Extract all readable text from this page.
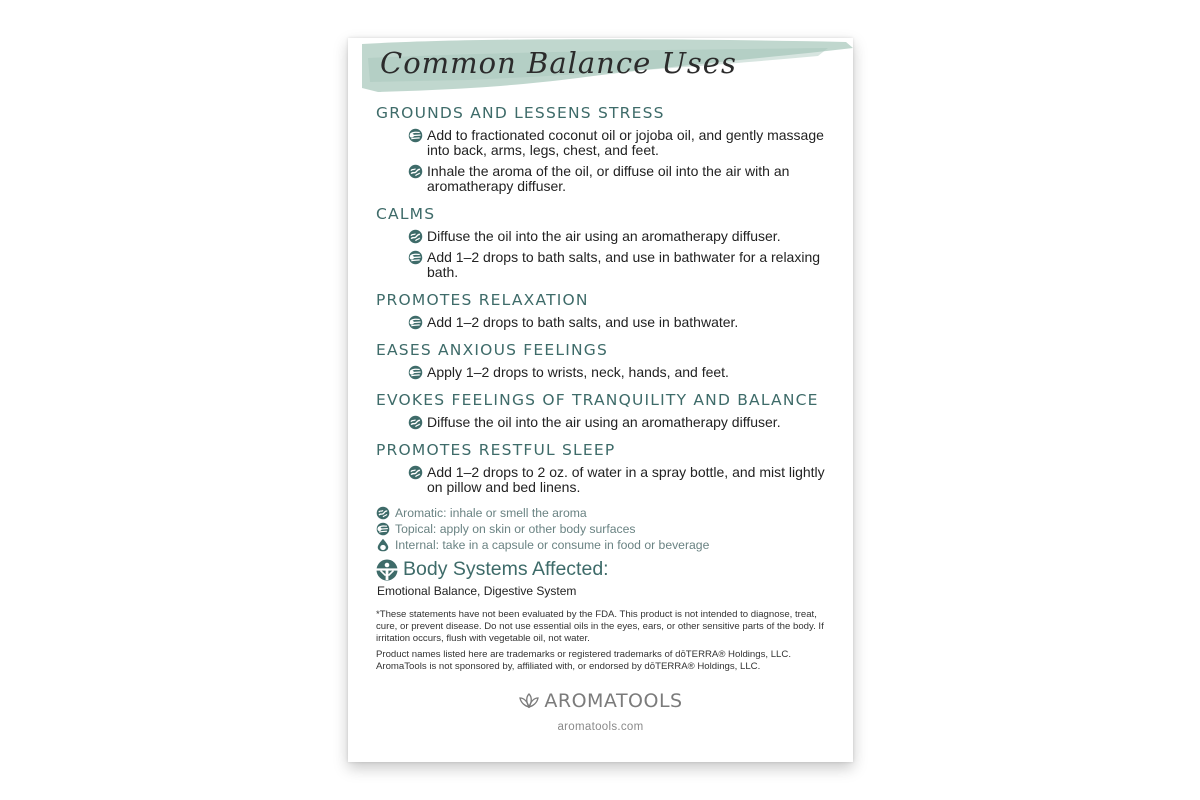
Common Balance Uses
GROUNDS AND LESSENS STRESS
Add to fractionated coconut oil or jojoba oil, and gently massage into back, arms, legs, chest, and feet.
Inhale the aroma of the oil, or diffuse oil into the air with an aromatherapy diffuser.
CALMS
Diffuse the oil into the air using an aromatherapy diffuser.
Add 1–2 drops to bath salts, and use in bathwater for a relaxing bath.
PROMOTES RELAXATION
Add 1–2 drops to bath salts, and use in bathwater.
EASES ANXIOUS FEELINGS
Apply 1–2 drops to wrists, neck, hands, and feet.
EVOKES FEELINGS OF TRANQUILITY AND BALANCE
Diffuse the oil into the air using an aromatherapy diffuser.
PROMOTES RESTFUL SLEEP
Add 1–2 drops to 2 oz. of water in a spray bottle, and mist lightly on pillow and bed linens.
Aromatic: inhale or smell the aroma
Topical: apply on skin or other body surfaces
Internal: take in a capsule or consume in food or beverage
Body Systems Affected:
Emotional Balance, Digestive System

*These statements have not been evaluated by the FDA. This product is not intended to diagnose, treat, cure, or prevent disease. Do not use essential oils in the eyes, ears, or other sensitive parts of the body. If irritation occurs, flush with vegetable oil, not water.

Product names listed here are trademarks or registered trademarks of dōTERRA® Holdings, LLC. AromaTools is not sponsored by, affiliated with, or endorsed by dōTERRA® Holdings, LLC.

AROMATOOLS
aromatools.com
